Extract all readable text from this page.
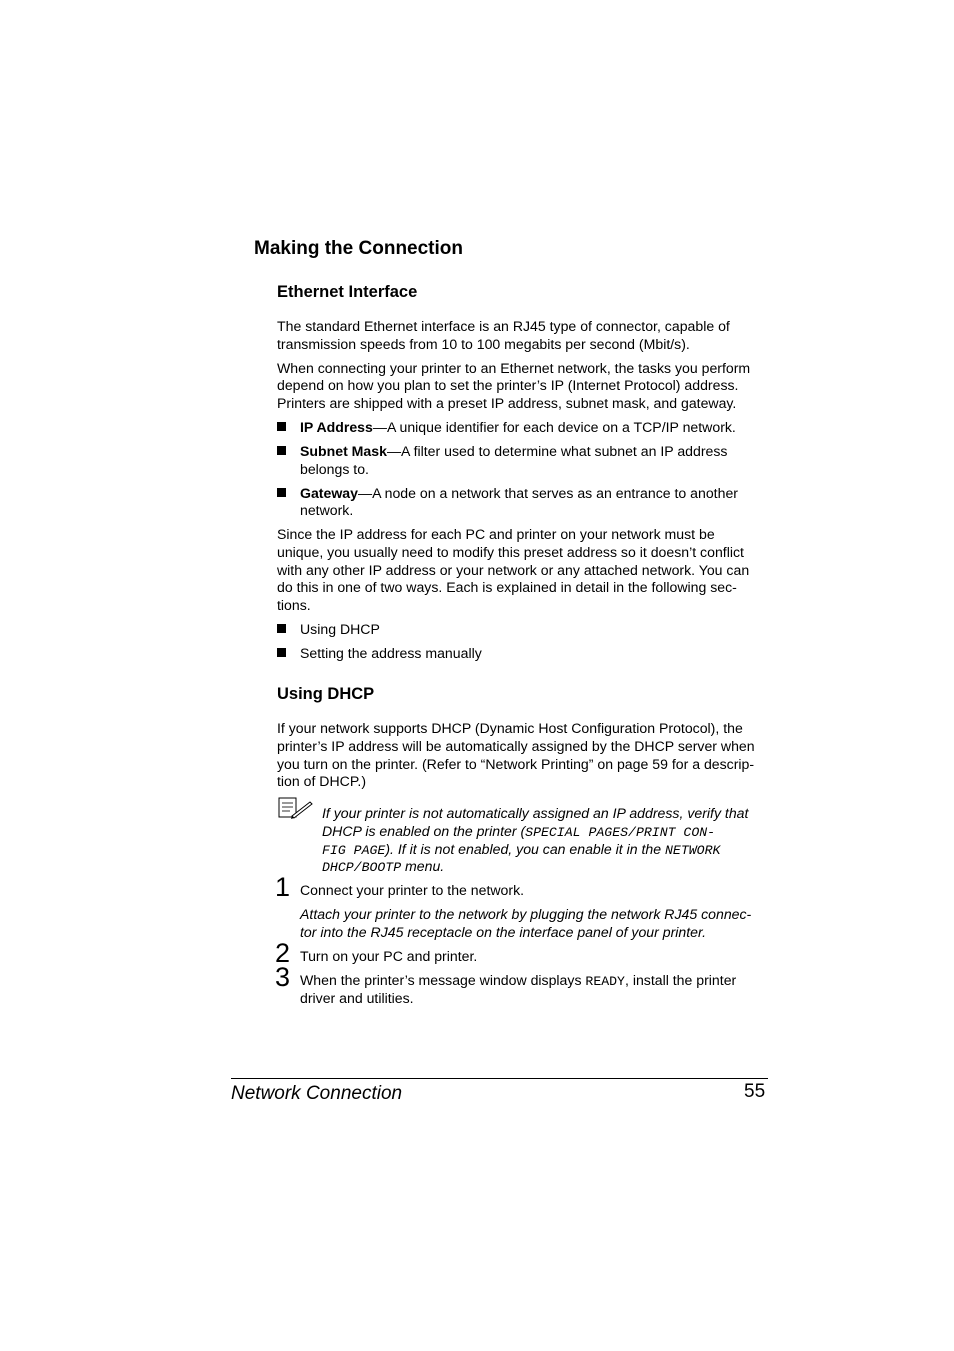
Making the Connection
Ethernet Interface
The standard Ethernet interface is an RJ45 type of connector, capable of
transmission speeds from 10 to 100 megabits per second (Mbit/s).
When connecting your printer to an Ethernet network, the tasks you perform
depend on how you plan to set the printer’s IP (Internet Protocol) address.
Printers are shipped with a preset IP address, subnet mask, and gateway.
IP Address—A unique identifier for each device on a TCP/IP network.
Subnet Mask—A filter used to determine what subnet an IP address
belongs to.
Gateway—A node on a network that serves as an entrance to another
network.
Since the IP address for each PC and printer on your network must be
unique, you usually need to modify this preset address so it doesn’t conflict
with any other IP address or your network or any attached network. You can
do this in one of two ways. Each is explained in detail in the following sec-
tions.
Using DHCP
Setting the address manually
Using DHCP
If your network supports DHCP (Dynamic Host Configuration Protocol), the
printer’s IP address will be automatically assigned by the DHCP server when
you turn on the printer. (Refer to “Network Printing” on page 59 for a descrip-
tion of DHCP.)
If your printer is not automatically assigned an IP address, verify that
DHCP is enabled on the printer (SPECIAL PAGES/PRINT CON-
FIG PAGE). If it is not enabled, you can enable it in the NETWORK
DHCP/BOOTP menu.
1 Connect your printer to the network.
Attach your printer to the network by plugging the network RJ45 connec-
tor into the RJ45 receptacle on the interface panel of your printer.
2 Turn on your PC and printer.
3 When the printer’s message window displays READY, install the printer
driver and utilities.
Network Connection	55
